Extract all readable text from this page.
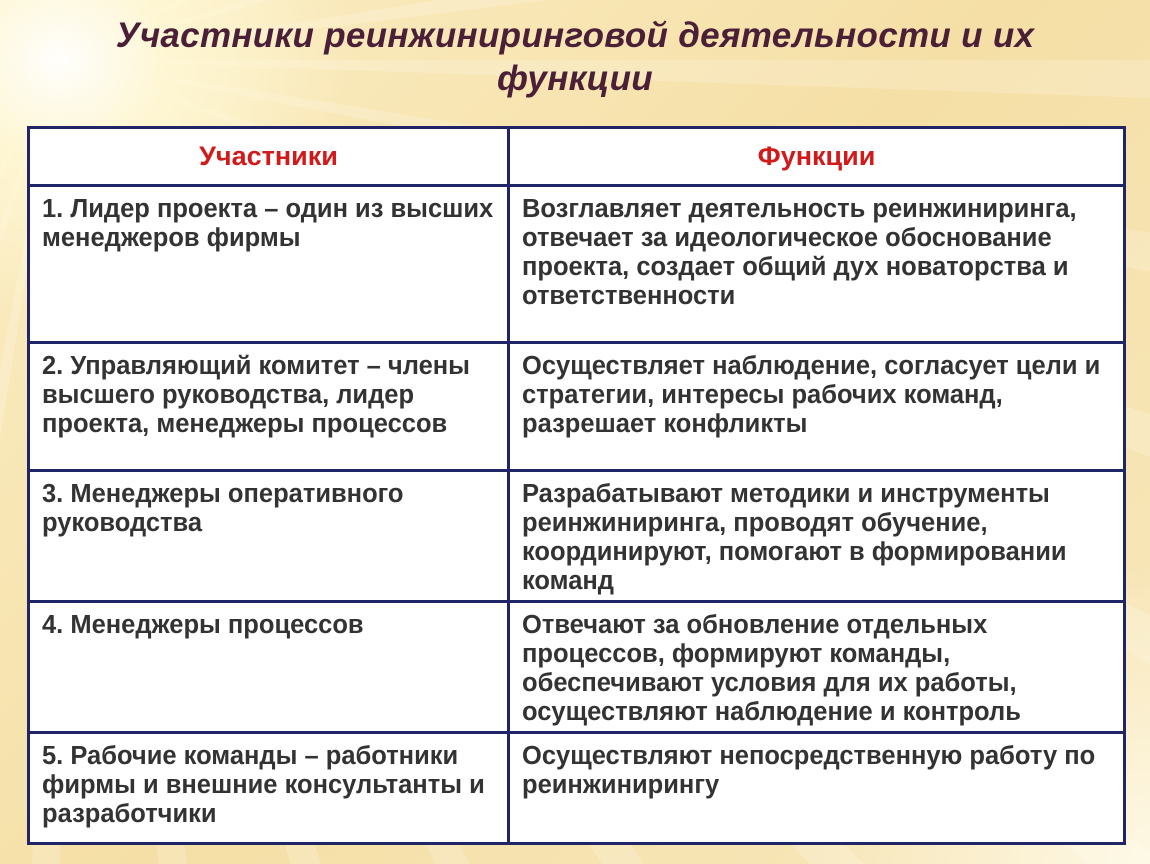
Участники реинжиниринговой деятельности и их
функции
Участники	Функции
1. Лидер проекта – один из высших менеджеров фирмы	Возглавляет деятельность реинжиниринга, отвечает за идеологическое обоснование проекта, создает общий дух новаторства и ответственности
2. Управляющий комитет – члены высшего руководства, лидер проекта, менеджеры процессов	Осуществляет наблюдение, согласует цели и стратегии, интересы рабочих команд, разрешает конфликты
3. Менеджеры оперативного руководства	Разрабатывают методики и инструменты реинжиниринга, проводят обучение, координируют, помогают в формировании команд
4. Менеджеры процессов	Отвечают за обновление отдельных процессов, формируют команды, обеспечивают условия для их работы, осуществляют наблюдение и контроль
5. Рабочие команды – работники фирмы и внешние консультанты и разработчики	Осуществляют непосредственную работу по реинжинирингу
